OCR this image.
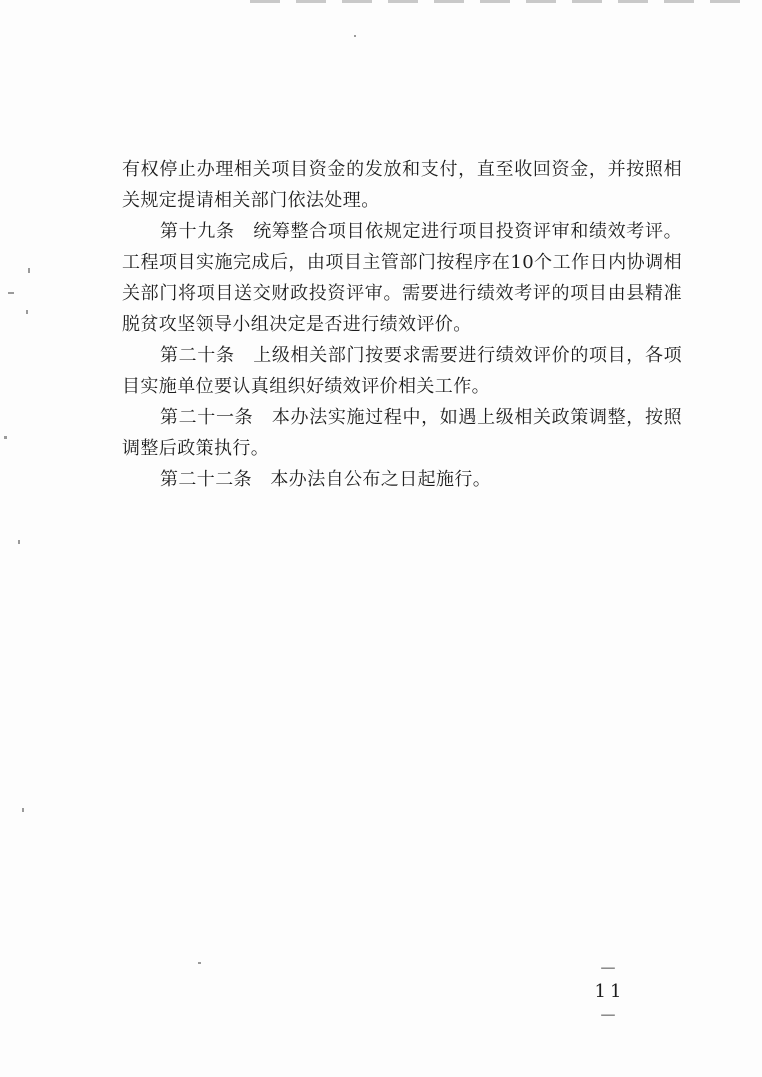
有权停止办理相关项目资金的发放和支付，直至收回资金，并按照相关规定提请相关部门依法处理。

第十九条　统筹整合项目依规定进行项目投资评审和绩效考评。工程项目实施完成后，由项目主管部门按程序在10个工作日内协调相关部门将项目送交财政投资评审。需要进行绩效考评的项目由县精准脱贫攻坚领导小组决定是否进行绩效评价。

第二十条　上级相关部门按要求需要进行绩效评价的项目，各项目实施单位要认真组织好绩效评价相关工作。

第二十一条　本办法实施过程中，如遇上级相关政策调整，按照调整后政策执行。

第二十二条　本办法自公布之日起施行。

－ 11 －
